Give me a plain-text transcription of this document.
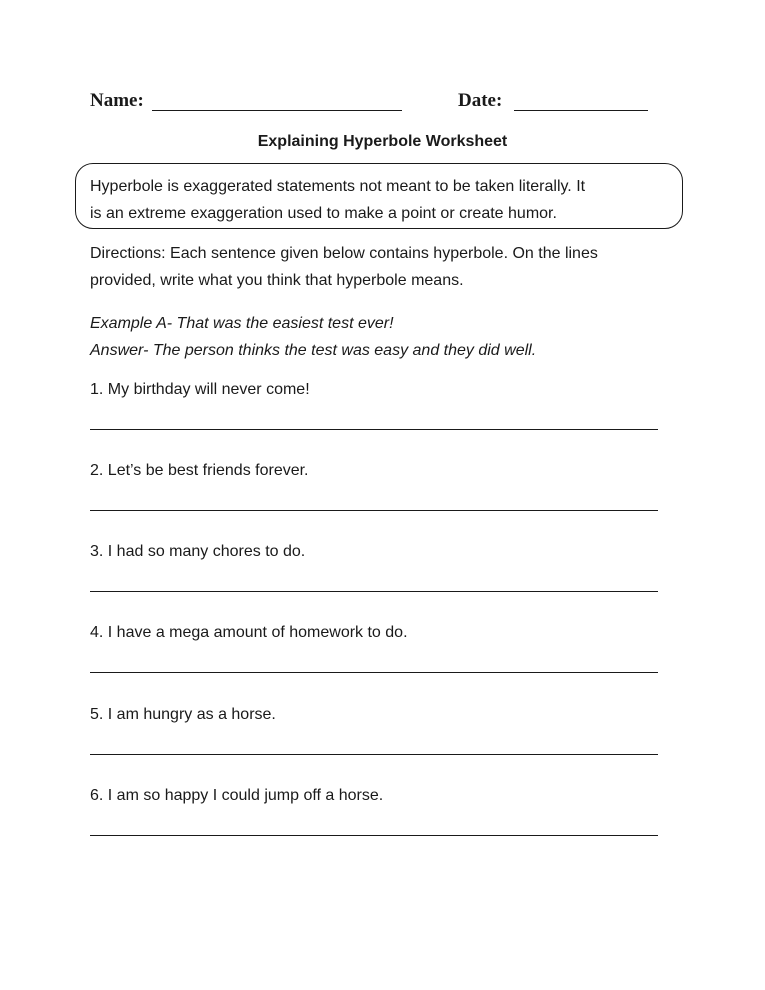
Name:	Date:
Explaining Hyperbole Worksheet
Hyperbole is exaggerated statements not meant to be taken literally. It
is an extreme exaggeration used to make a point or create humor.
Directions: Each sentence given below contains hyperbole. On the lines
provided, write what you think that hyperbole means.
Example A- That was the easiest test ever!
Answer- The person thinks the test was easy and they did well.
1. My birthday will never come!
2. Let’s be best friends forever.
3. I had so many chores to do.
4. I have a mega amount of homework to do.
5. I am hungry as a horse.
6. I am so happy I could jump off a horse.
